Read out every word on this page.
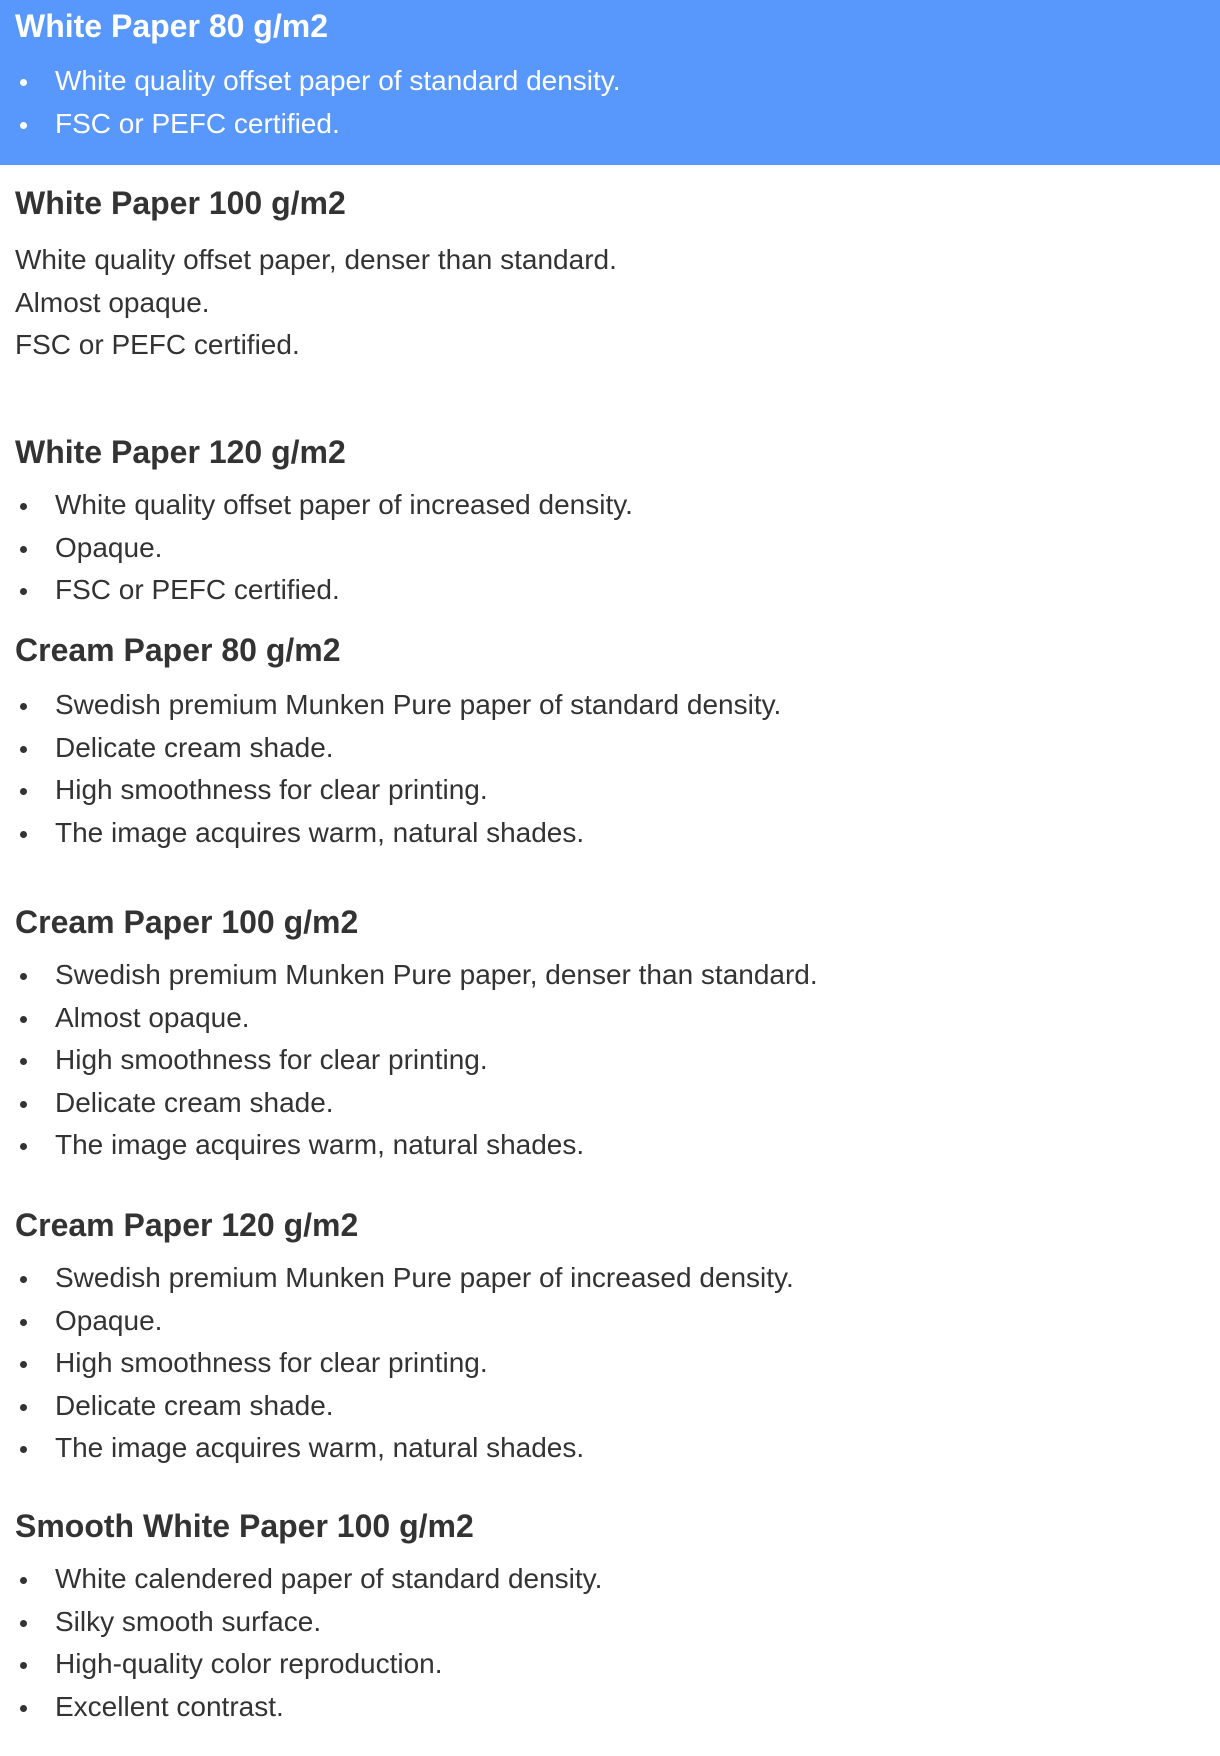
White Paper 80 g/m2
White quality offset paper of standard density.
FSC or PEFC certified.
White Paper 100 g/m2
White quality offset paper, denser than standard.
Almost opaque.
FSC or PEFC certified.
White Paper 120 g/m2
White quality offset paper of increased density.
Opaque.
FSC or PEFC certified.
Cream Paper 80 g/m2
Swedish premium Munken Pure paper of standard density.
Delicate cream shade.
High smoothness for clear printing.
The image acquires warm, natural shades.
Cream Paper 100 g/m2
Swedish premium Munken Pure paper, denser than standard.
Almost opaque.
High smoothness for clear printing.
Delicate cream shade.
The image acquires warm, natural shades.
Cream Paper 120 g/m2
Swedish premium Munken Pure paper of increased density.
Opaque.
High smoothness for clear printing.
Delicate cream shade.
The image acquires warm, natural shades.
Smooth White Paper 100 g/m2
White calendered paper of standard density.
Silky smooth surface.
High-quality color reproduction.
Excellent contrast.
